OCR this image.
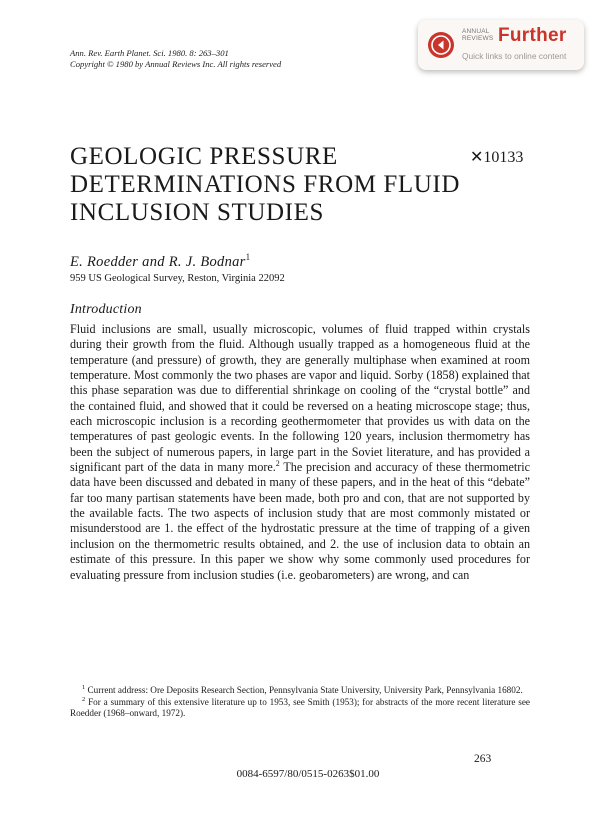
Ann. Rev. Earth Planet. Sci. 1980. 8: 263–301
Copyright © 1980 by Annual Reviews Inc. All rights reserved
ANNUAL
REVIEWS Further
Quick links to online content
GEOLOGIC PRESSURE
DETERMINATIONS FROM FLUID
INCLUSION STUDIES
✕10133
E. Roedder and R. J. Bodnar$^1$
959 US Geological Survey, Reston, Virginia 22092
Introduction

Fluid inclusions are small, usually microscopic, volumes of fluid trapped within crystals during their growth from the fluid. Although usually trapped as a homogeneous fluid at the temperature (and pressure) of growth, they are generally multiphase when examined at room temperature. Most commonly the two phases are vapor and liquid. Sorby (1858) explained that this phase separation was due to differential shrinkage on cooling of the “crystal bottle” and the contained fluid, and showed that it could be reversed on a heating microscope stage; thus, each microscopic inclusion is a recording geothermometer that provides us with data on the temperatures of past geologic events. In the following 120 years, inclusion thermometry has been the subject of numerous papers, in large part in the Soviet literature, and has provided a significant part of the data in many more.$^2$ The precision and accuracy of these thermometric data have been discussed and debated in many of these papers, and in the heat of this “debate” far too many partisan statements have been made, both pro and con, that are not supported by the available facts. The two aspects of inclusion study that are most commonly mistated or misunderstood are 1. the effect of the hydrostatic pressure at the time of trapping of a given inclusion on the thermometric results obtained, and 2. the use of inclusion data to obtain an estimate of this pressure. In this paper we show why some commonly used procedures for evaluating pressure from inclusion studies (i.e. geobarometers) are wrong, and can

$^1$ Current address: Ore Deposits Research Section, Pennsylvania State University, University Park, Pennsylvania 16802.

$^2$ For a summary of this extensive literature up to 1953, see Smith (1953); for abstracts of the more recent literature see Roedder (1968–onward, 1972).

263
0084-6597/80/0515-0263$01.00
